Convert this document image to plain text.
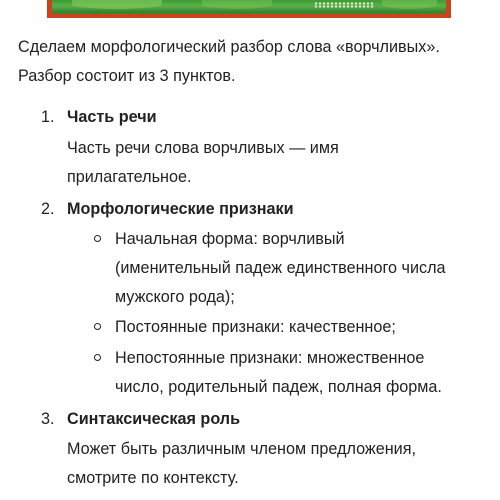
Сделаем морфологический разбор слова «ворчливых».

Разбор состоит из 3 пунктов.

1. Часть речи
Часть речи слова ворчливых — имя
прилагательное.
2. Морфологические признаки
Начальная форма: ворчливый
(именительный падеж единственного числа
мужского рода);
Постоянные признаки: качественное;
Непостоянные признаки: множественное
число, родительный падеж, полная форма.
3. Синтаксическая роль
Может быть различным членом предложения,
смотрите по контексту.
